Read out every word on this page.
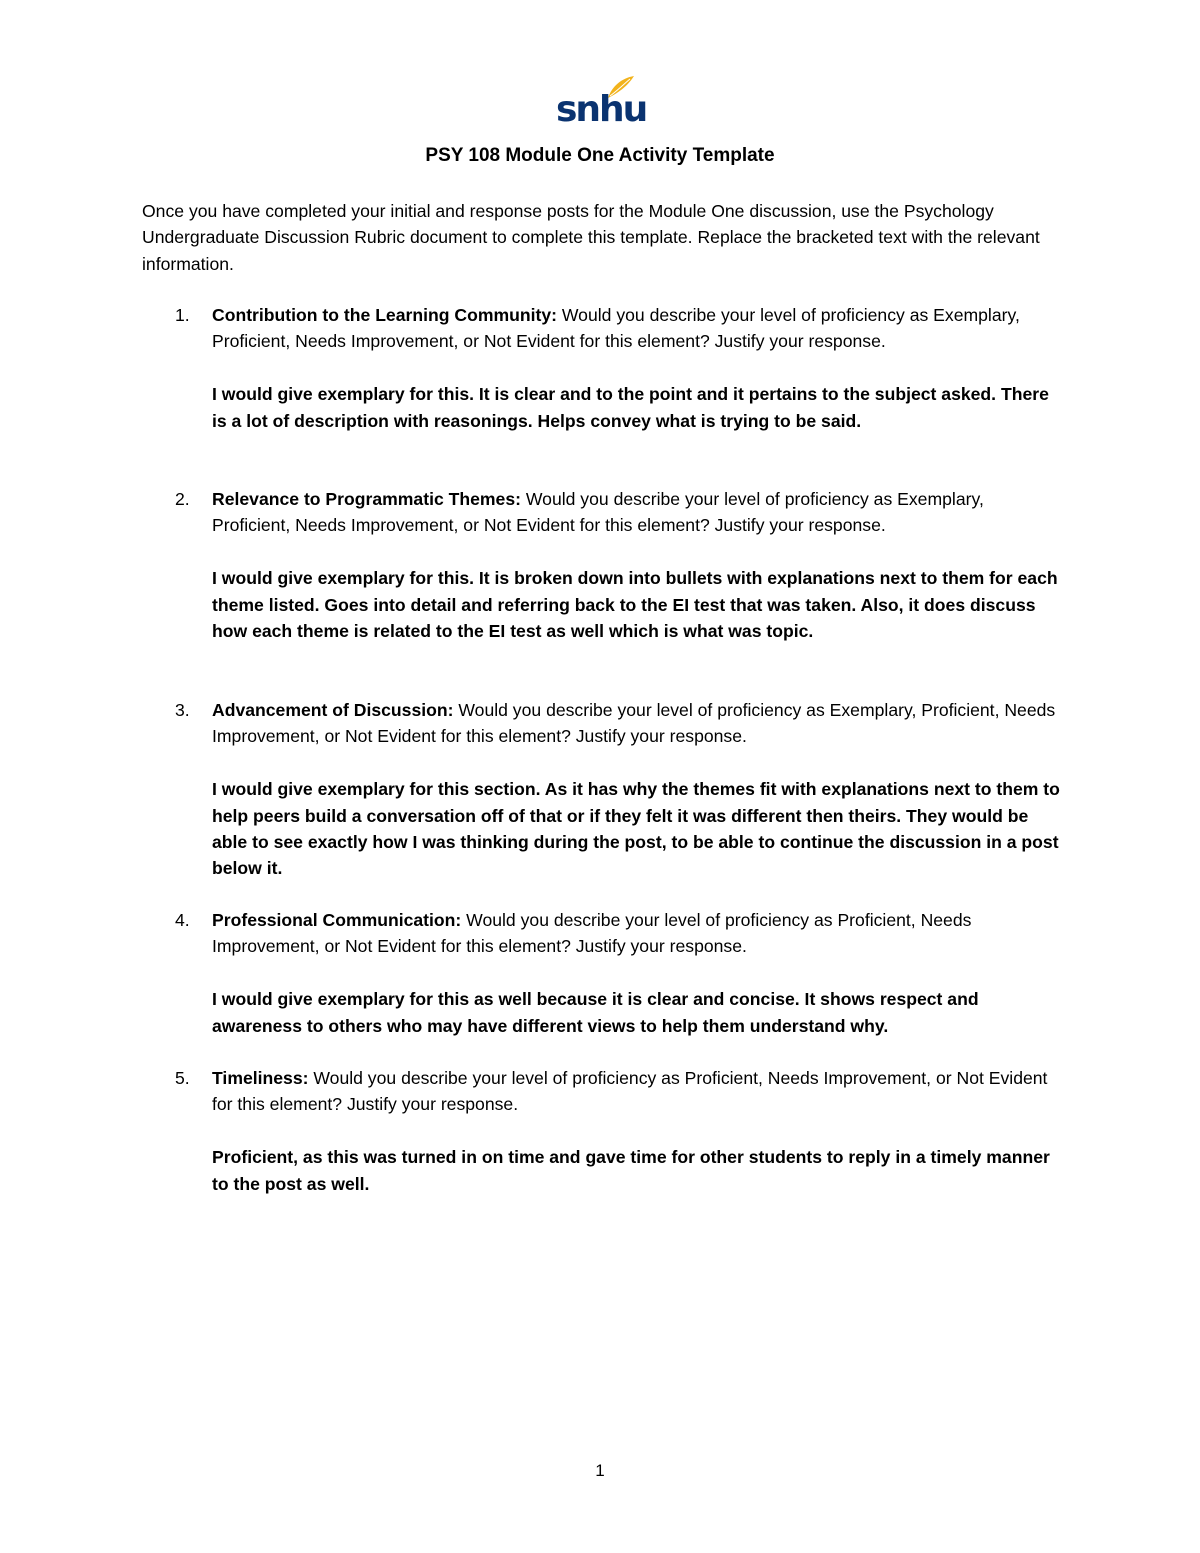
snhu
PSY 108 Module One Activity Template
Once you have completed your initial and response posts for the Module One discussion, use the Psychology Undergraduate Discussion Rubric document to complete this template. Replace the bracketed text with the relevant information.
1. Contribution to the Learning Community: Would you describe your level of proficiency as Exemplary, Proficient, Needs Improvement, or Not Evident for this element? Justify your response.
I would give exemplary for this. It is clear and to the point and it pertains to the subject asked. There is a lot of description with reasonings. Helps convey what is trying to be said.
2. Relevance to Programmatic Themes: Would you describe your level of proficiency as Exemplary, Proficient, Needs Improvement, or Not Evident for this element? Justify your response.
I would give exemplary for this. It is broken down into bullets with explanations next to them for each theme listed. Goes into detail and referring back to the EI test that was taken. Also, it does discuss how each theme is related to the EI test as well which is what was topic.
3. Advancement of Discussion: Would you describe your level of proficiency as Exemplary, Proficient, Needs Improvement, or Not Evident for this element? Justify your response.
I would give exemplary for this section. As it has why the themes fit with explanations next to them to help peers build a conversation off of that or if they felt it was different then theirs. They would be able to see exactly how I was thinking during the post, to be able to continue the discussion in a post below it.
4. Professional Communication: Would you describe your level of proficiency as Proficient, Needs Improvement, or Not Evident for this element? Justify your response.
I would give exemplary for this as well because it is clear and concise. It shows respect and awareness to others who may have different views to help them understand why.
5. Timeliness: Would you describe your level of proficiency as Proficient, Needs Improvement, or Not Evident for this element? Justify your response.
Proficient, as this was turned in on time and gave time for other students to reply in a timely manner to the post as well.
1
